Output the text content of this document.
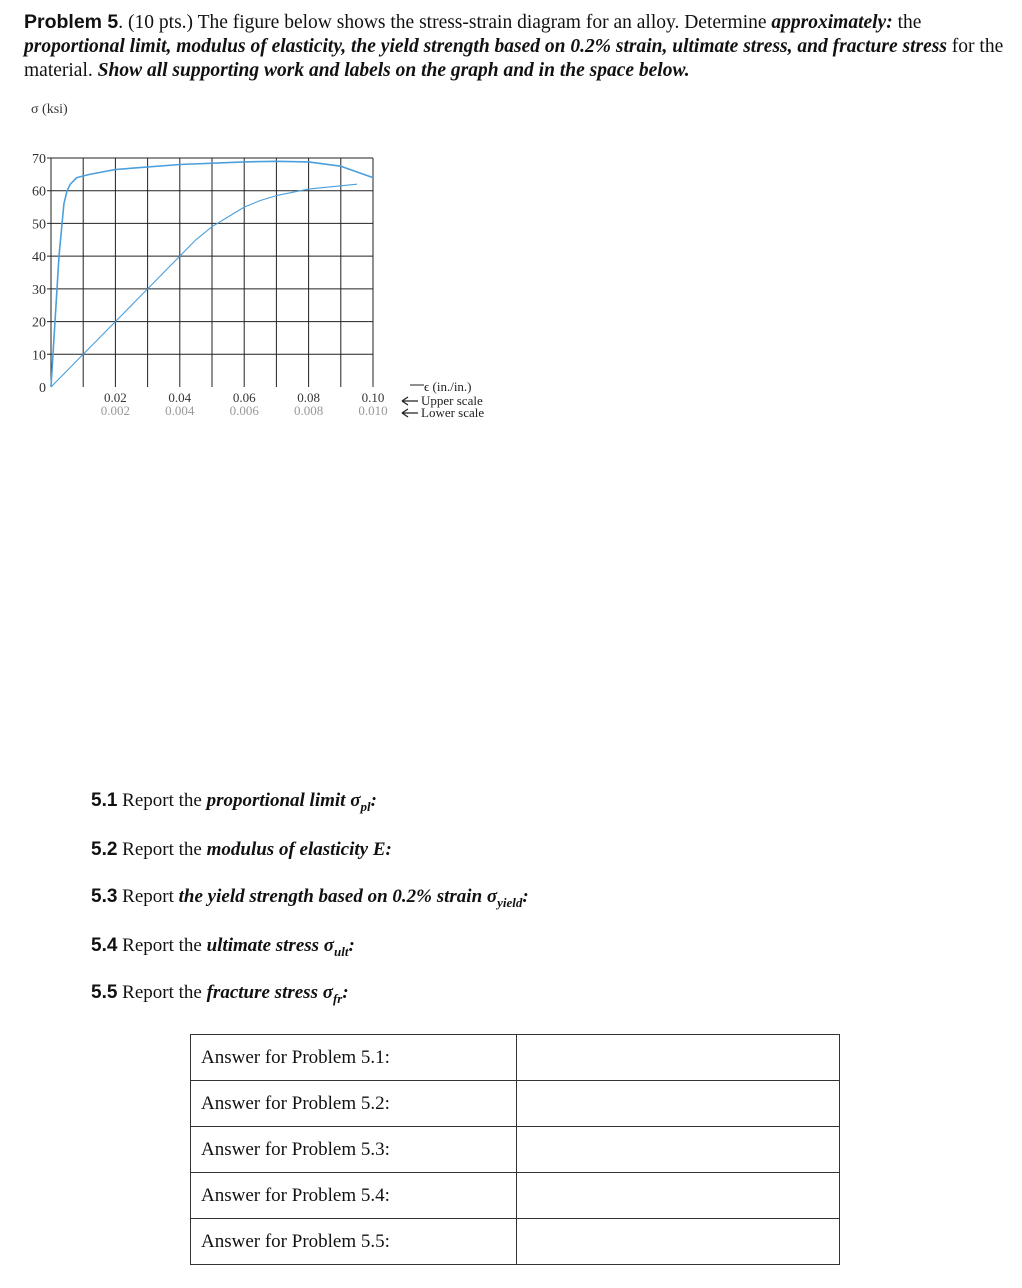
Problem 5. (10 pts.) The figure below shows the stress-strain diagram for an alloy. Determine approximately: the proportional limit, modulus of elasticity, the yield strength based on 0.2% strain, ultimate stress, and fracture stress for the material. Show all supporting work and labels on the graph and in the space below.
0
10
20
30
40
50
60
70
σ (ksi)
0.02	0.04	0.06	0.08	0.10
0.002	0.004	0.006	0.008	0.010
ϵ (in./in.)
Upper scale
Lower scale
5.1 Report the proportional limit $\sigma_{pl}$:
5.2 Report the modulus of elasticity E:
5.3 Report the yield strength based on 0.2% strain $\sigma_{yield}$:
5.4 Report the ultimate stress $\sigma_{ult}$:
5.5 Report the fracture stress $\sigma_{fr}$:
Answer for Problem 5.1:	
Answer for Problem 5.2:	
Answer for Problem 5.3:	
Answer for Problem 5.4:	
Answer for Problem 5.5:	
